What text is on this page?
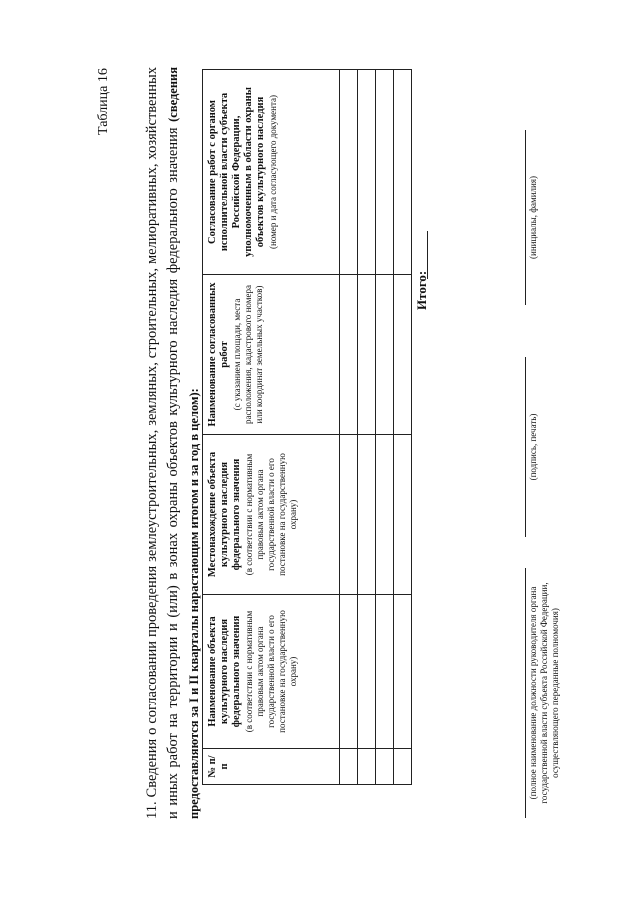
Таблица 16 11. Сведения о согласовании проведения землеустроительных, земляных, строительных, мелиоративных, хозяйственных и иных работ на территории и (или) в зонах охраны объектов культурного наследия федерального значения (сведения предоставляются за I и II кварталы нарастающим итогом и за год в целом): № п/п	Наименование объекта культурного наследия федерального значения (в соответствии с нормативным правовым актом органа государственной власти о его постановке на государственную охрану)	Местонахождение объекта культурного наследия федерального значения (в соответствии с нормативным правовым актом органа государственной власти о его постановке на государственную охрану)	Наименование согласованных работ (с указанием площади, места расположения, кадастрового номера или координат земельных участков)	Согласование работ с органом исполнительной власти субъекта Российской Федерации, уполномоченным в области охраны объектов культурного наследия (номер и дата согласующего документа)

Итого:
(полное наименование должности руководителя органа государственной власти субъекта Российской Федерации, осуществляющего переданные полномочия)
(подпись, печать)
(инициалы, фамилия)
